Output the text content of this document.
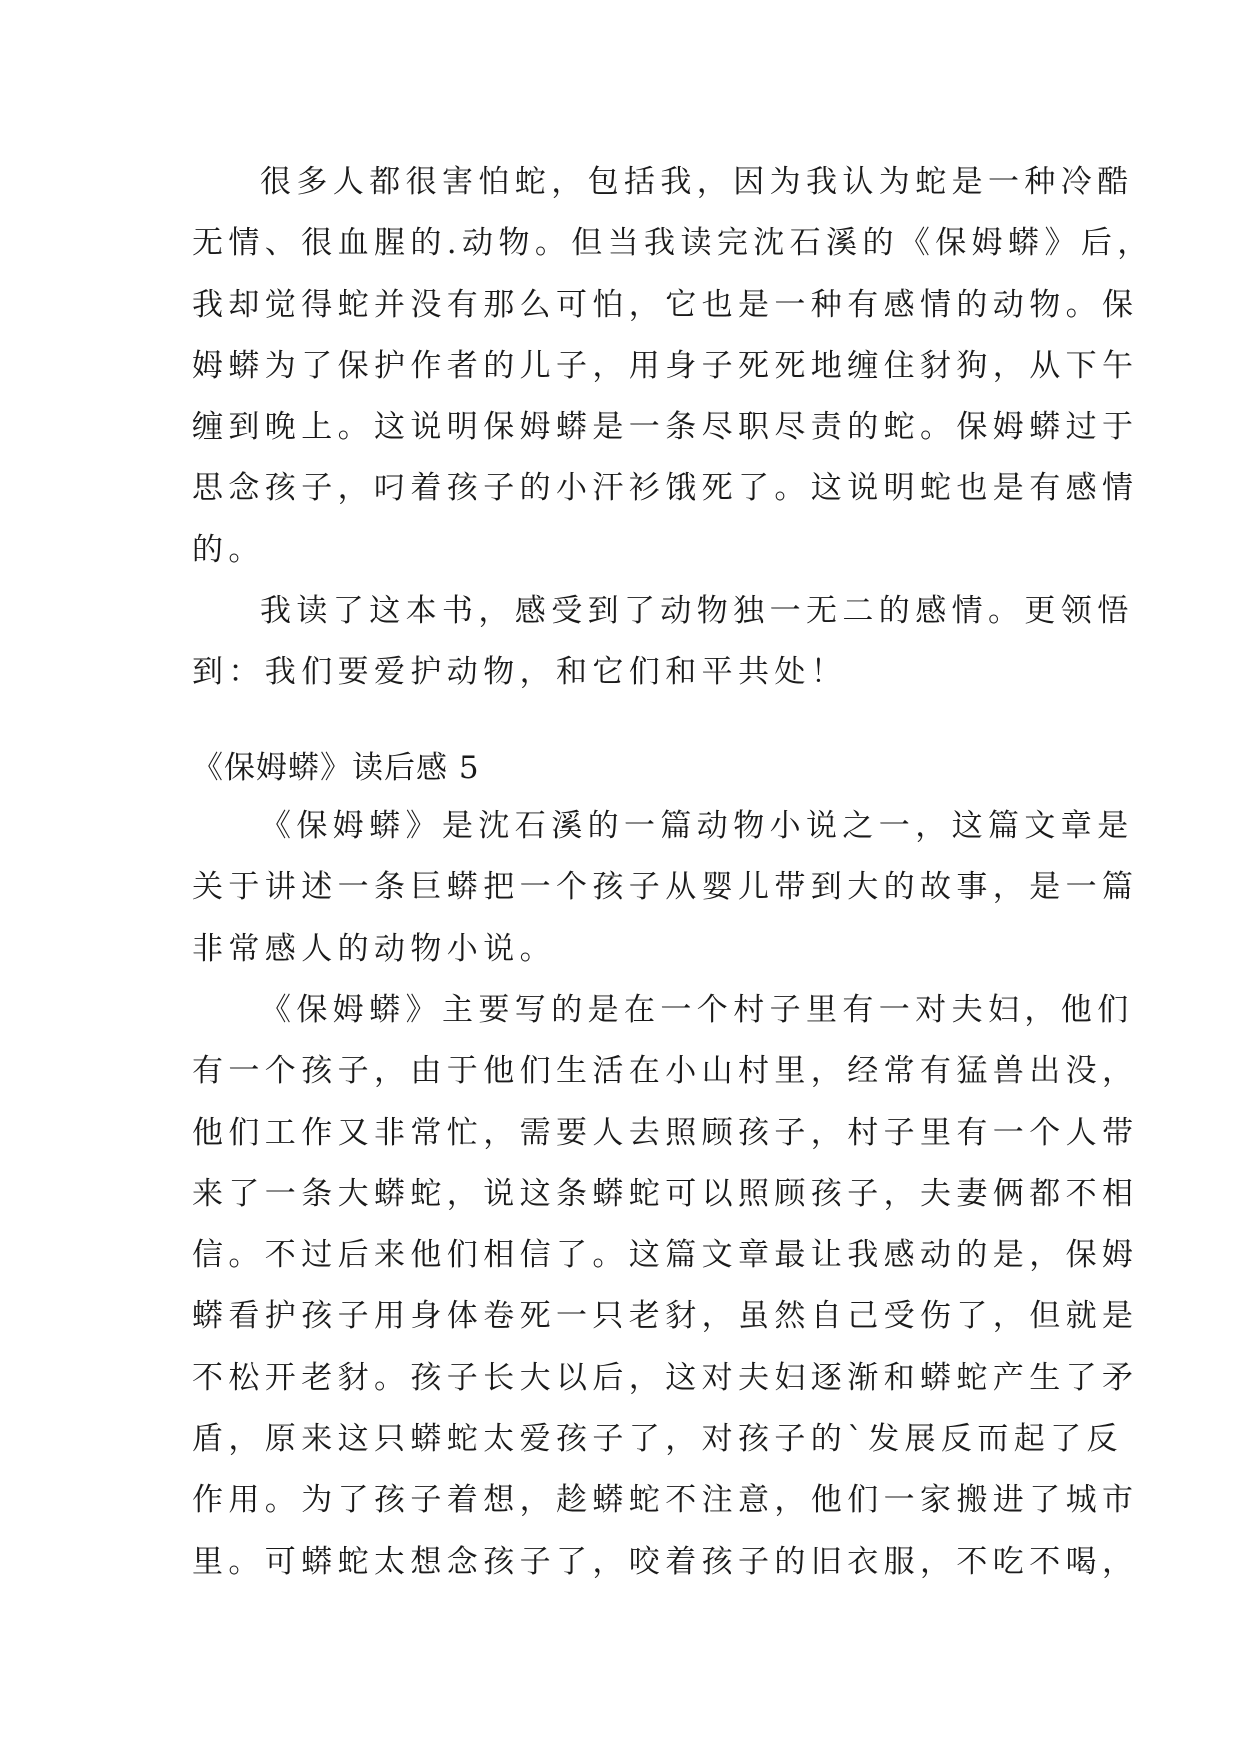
很多人都很害怕蛇，包括我，因为我认为蛇是一种冷酷
无情、很血腥的.动物。但当我读完沈石溪的《保姆蟒》后，
我却觉得蛇并没有那么可怕，它也是一种有感情的动物。保
姆蟒为了保护作者的儿子，用身子死死地缠住豺狗，从下午
缠到晚上。这说明保姆蟒是一条尽职尽责的蛇。保姆蟒过于
思念孩子，叼着孩子的小汗衫饿死了。这说明蛇也是有感情
的。
我读了这本书，感受到了动物独一无二的感情。更领悟
到：我们要爱护动物，和它们和平共处！
《保姆蟒》读后感 5
《保姆蟒》是沈石溪的一篇动物小说之一，这篇文章是
关于讲述一条巨蟒把一个孩子从婴儿带到大的故事，是一篇
非常感人的动物小说。
《保姆蟒》主要写的是在一个村子里有一对夫妇，他们
有一个孩子，由于他们生活在小山村里，经常有猛兽出没，
他们工作又非常忙，需要人去照顾孩子，村子里有一个人带
来了一条大蟒蛇，说这条蟒蛇可以照顾孩子，夫妻俩都不相
信。不过后来他们相信了。这篇文章最让我感动的是，保姆
蟒看护孩子用身体卷死一只老豺，虽然自己受伤了，但就是
不松开老豺。孩子长大以后，这对夫妇逐渐和蟒蛇产生了矛
盾，原来这只蟒蛇太爱孩子了，对孩子的`发展反而起了反
作用。为了孩子着想，趁蟒蛇不注意，他们一家搬进了城市
里。可蟒蛇太想念孩子了，咬着孩子的旧衣服，不吃不喝，
